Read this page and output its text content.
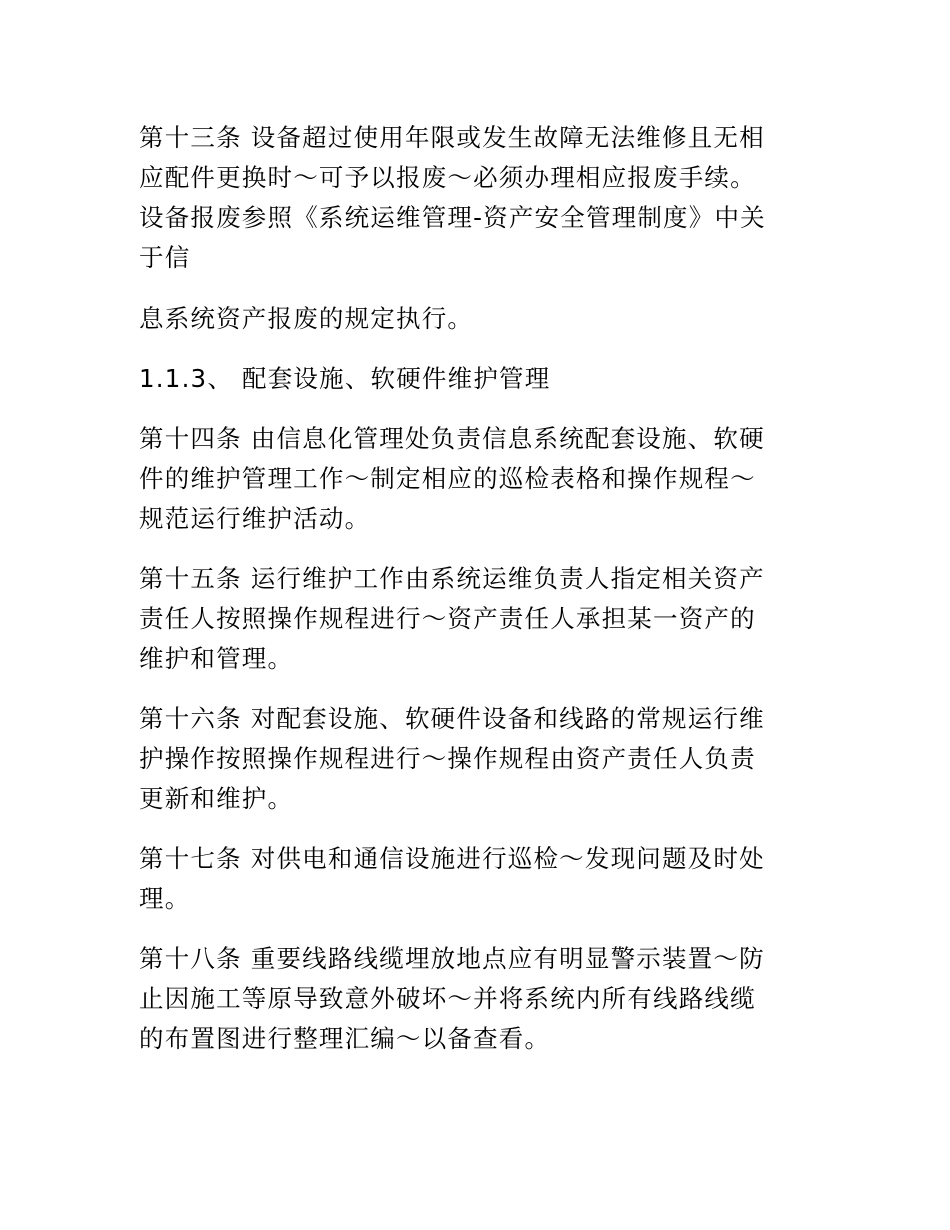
第十三条 设备超过使用年限或发生故障无法维修且无相
应配件更换时～可予以报废～必须办理相应报废手续。
设备报废参照《系统运维管理-资产安全管理制度》中关
于信
息系统资产报废的规定执行。
1.1.3、 配套设施、软硬件维护管理
第十四条 由信息化管理处负责信息系统配套设施、软硬
件的维护管理工作～制定相应的巡检表格和操作规程～
规范运行维护活动。
第十五条 运行维护工作由系统运维负责人指定相关资产
责任人按照操作规程进行～资产责任人承担某一资产的
维护和管理。
第十六条 对配套设施、软硬件设备和线路的常规运行维
护操作按照操作规程进行～操作规程由资产责任人负责
更新和维护。
第十七条 对供电和通信设施进行巡检～发现问题及时处
理。
第十八条 重要线路线缆埋放地点应有明显警示装置～防
止因施工等原导致意外破坏～并将系统内所有线路线缆
的布置图进行整理汇编～以备查看。
